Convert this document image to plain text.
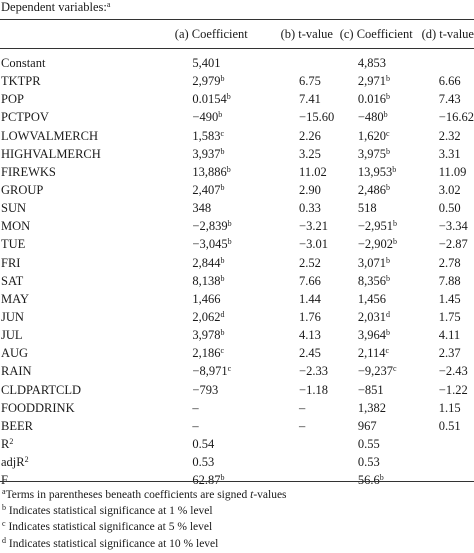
Dependent variables:$^a$
	(a) Coefficient	(b) t-value	(c) Coefficient	(d) t-value
Constant	5,401		4,853	
TKTPR	2,979$^b$	6.75	2,971$^b$	6.66
POP	0.0154$^b$	7.41	0.016$^b$	7.43
PCTPOV	$-490^b$	−15.60	$-480^b$	−16.62
LOWVALMERCH	1,583$^c$	2.26	1,620$^c$	2.32
HIGHVALMERCH	3,937$^b$	3.25	3,975$^b$	3.31
FIREWKS	13,886$^b$	11.02	13,953$^b$	11.09
GROUP	2,407$^b$	2.90	2,486$^b$	3.02
SUN	348	0.33	518	0.50
MON	−2,839$^b$	−3.21	−2,951$^b$	−3.34
TUE	−3,045$^b$	−3.01	−2,902$^b$	−2.87
FRI	2,844$^b$	2.52	3,071$^b$	2.78
SAT	8,138$^b$	7.66	8,356$^b$	7.88
MAY	1,466	1.44	1,456	1.45
JUN	2,062$^d$	1.76	2,031$^d$	1.75
JUL	3,978$^b$	4.13	3,964$^b$	4.11
AUG	2,186$^c$	2.45	2,114$^c$	2.37
RAIN	−8,971$^c$	−2.33	−9,237$^c$	−2.43
CLDPARTCLD	−793	−1.18	−851	−1.22
FOODDRINK	–	–	1,382	1.15
BEER	–	–	967	0.51
$R^2$	0.54		0.55	
adjR$^2$	0.53		0.53	
F	62.87$^b$		56.6$^b$	
$^a$Terms in parentheses beneath coefficients are signed t-values
$^b$ Indicates statistical significance at 1 % level
$^c$ Indicates statistical significance at 5 % level
$^d$ Indicates statistical significance at 10 % level
